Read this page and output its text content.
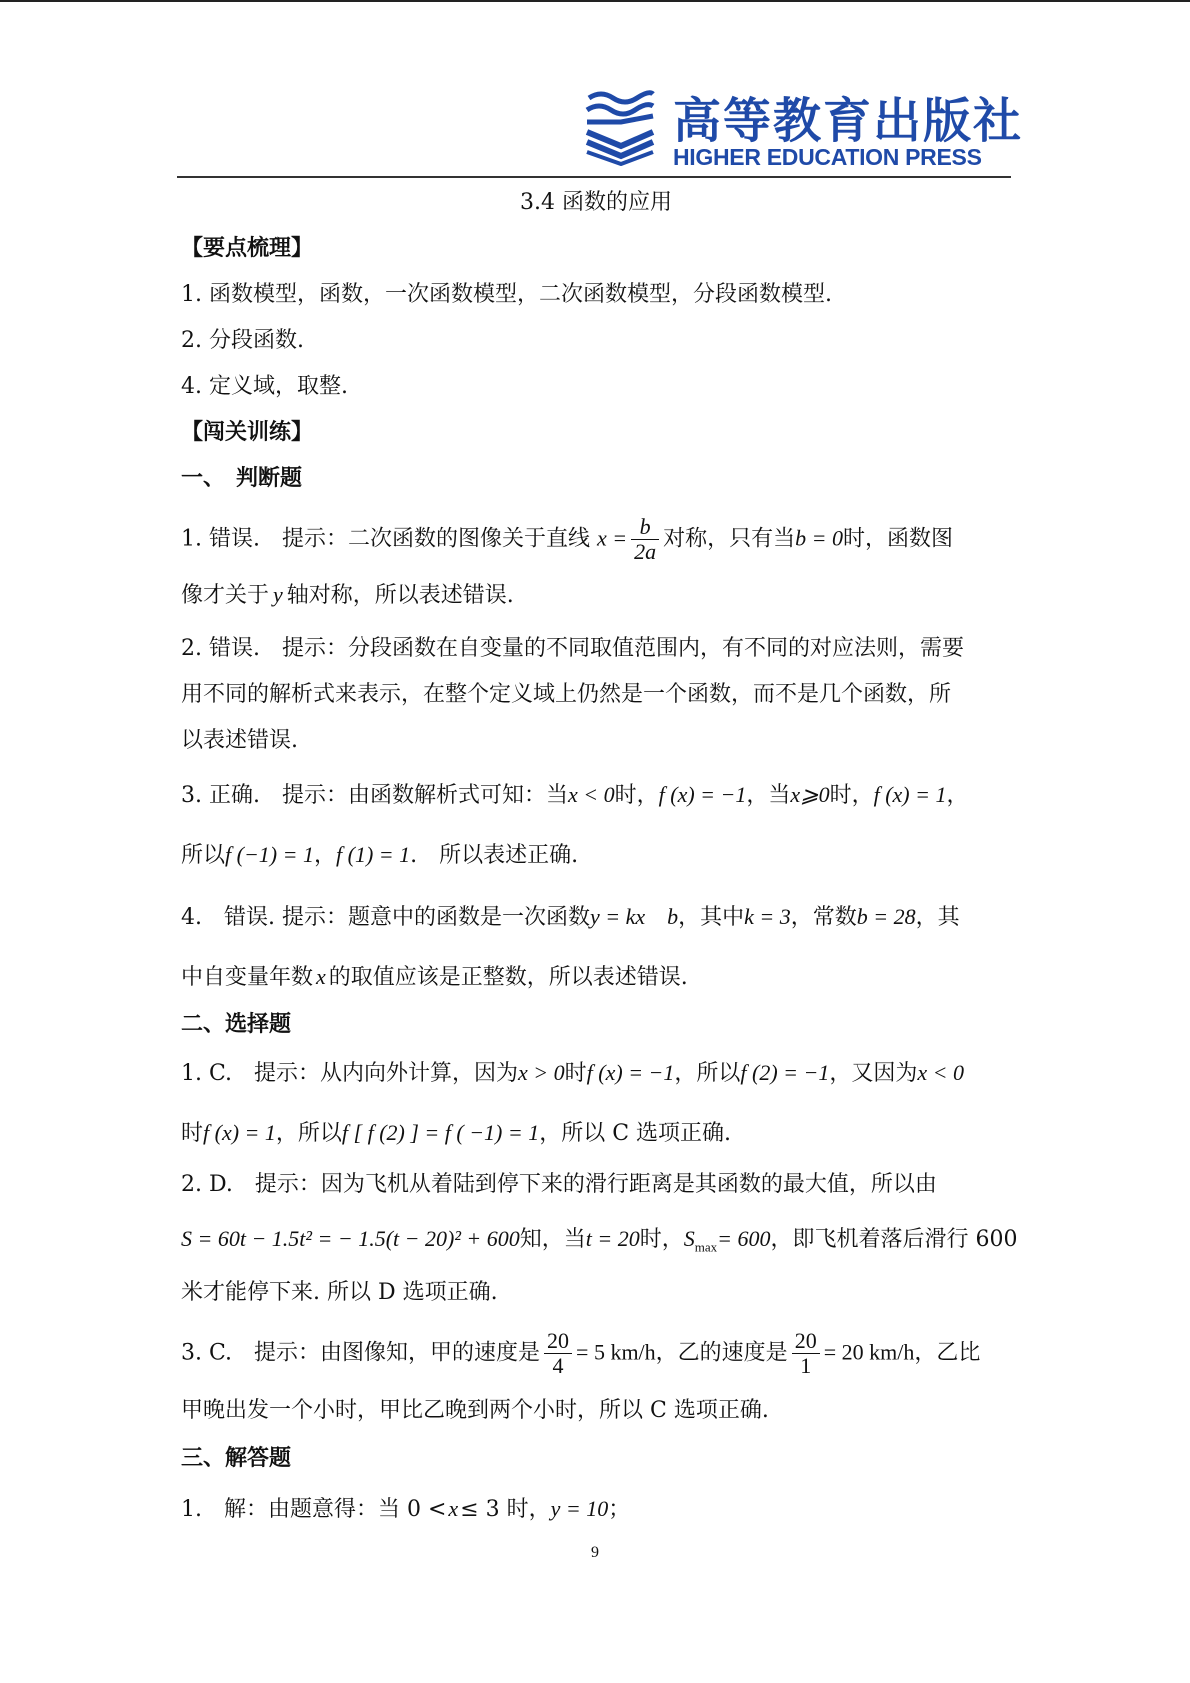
高等教育出版社
HIGHER EDUCATION PRESS
3.4 函数的应用
【要点梳理】
1. 函数模型，函数，一次函数模型，二次函数模型，分段函数模型.
2. 分段函数.
4. 定义域，取整.
【闯关训练】
一、　判断题
1. 错误.　提示：二次函数的图像关于直线 $x = \frac{b}{2a}$ 对称，只有当b = 0时，函数图
像才关于 y 轴对称，所以表述错误.
2. 错误.　提示：分段函数在自变量的不同取值范围内，有不同的对应法则，需要
用不同的解析式来表示，在整个定义域上仍然是一个函数，而不是几个函数，所
以表述错误.
3. 正确.　提示：由函数解析式可知：当x < 0时，f (x) = −1，当x⩾0时，f (x) = 1，
所以f (−1) = 1，f (1) = 1.　所以表述正确.
4.　错误. 提示：题意中的函数是一次函数y = kx　b，其中k = 3，常数b = 28，其
中自变量年数 x 的取值应该是正整数，所以表述错误.
二、选择题
1. C.　提示：从内向外计算，因为x > 0时f (x) = −1，所以f (2) = −1，又因为x < 0
时f (x) = 1，所以f [ f (2) ] = f ( −1) = 1，所以 C 选项正确.
2. D.　提示：因为飞机从着陆到停下来的滑行距离是其函数的最大值，所以由
S = 60t − 1.5t² = − 1.5(t − 20)² + 600知，当t = 20时，$S_{max}= 600$，即飞机着落后滑行 600
米才能停下来. 所以 D 选项正确.
3. C.　提示：由图像知，甲的速度是 $\frac{20}{4} = 5$ km/h，乙的速度是 $\frac{20}{1} = 20$ km/h，乙比
甲晚出发一个小时，甲比乙晚到两个小时，所以 C 选项正确.
三、解答题
1.　解：由题意得：当 0 <x≤ 3 时，y = 10；
9
